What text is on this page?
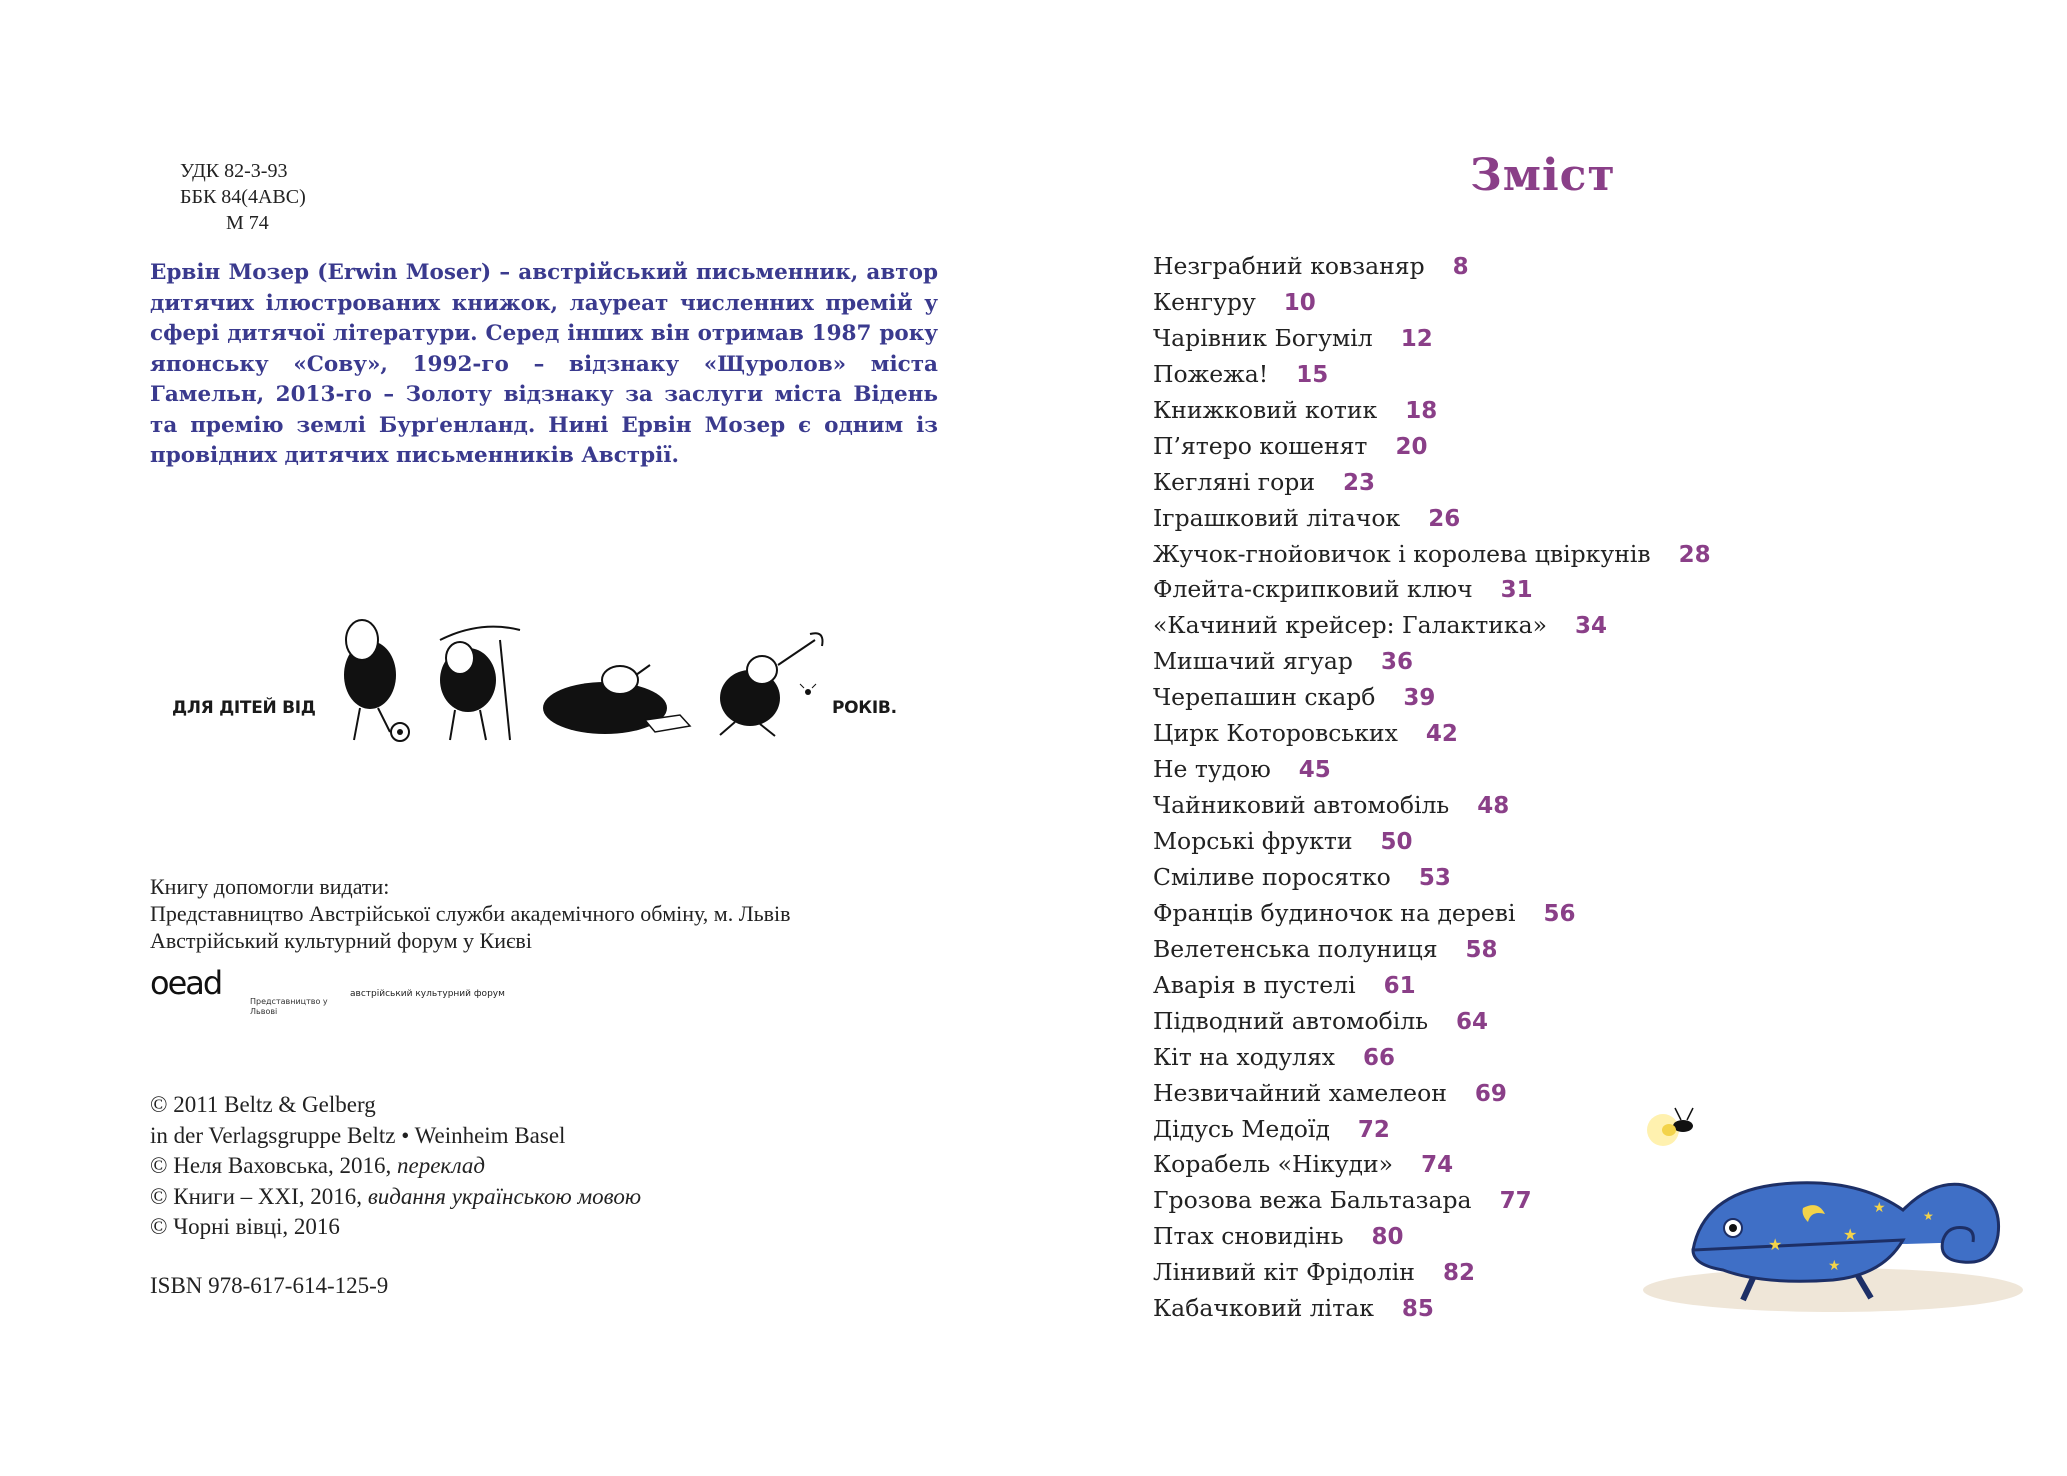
УДК 82-3-93
ББК 84(4АВС)
М 74

Ервін Мозер (Erwin Moser) – австрійський письменник, автор дитячих ілюстрованих книжок, лауреат численних премій у сфері дитячої літератури. Серед інших він отримав 1987 року японську «Сову», 1992-го – відзнаку «Щуролов» міста Гамельн, 2013-го – Золоту відзнаку за заслуги міста Відень та премію землі Бурґенланд. Нині Ервін Мозер є одним із провідних дитячих письменників Австрії.

ДЛЯ ДІТЕЙ ВІД	РОКІВ.
Книгу допомогли видати:
Представництво Австрійської служби академічного обміну, м. Львів
Австрійський культурний форум у Києві
oead	Представництво у Львові
австрійський культурний форум
© 2011 Beltz & Gelberg
in der Verlagsgruppe Beltz • Weinheim Basel
© Неля Ваховська, 2016, переклад
© Книги – XXI, 2016, видання українською мовою
© Чорні вівці, 2016
ISBN 978-617-614-125-9
Зміст
Незграбний ковзаняр 8
Кенгуру 10
Чарівник Богуміл 12
Пожежа! 15
Книжковий котик 18
П’ятеро кошенят 20
Кегляні гори 23
Іграшковий літачок 26
Жучок-гнойовичок і королева цвіркунів 28
Флейта-скрипковий ключ 31
«Качиний крейсер: Галактика» 34
Мишачий ягуар 36
Черепашин скарб 39
Цирк Которовських 42
Не тудою 45
Чайниковий автомобіль 48
Морські фрукти 50
Сміливе поросятко 53
Франців будиночок на дереві 56
Велетенська полуниця 58
Аварія в пустелі 61
Підводний автомобіль 64
Кіт на ходулях 66
Незвичайний хамелеон 69
Дідусь Медоїд 72
Корабель «Нікуди» 74
Грозова вежа Бальтазара 77
Птах сновидінь 80
Лінивий кіт Фрідолін 82
Кабачковий літак 85
★
★
★
★
★
